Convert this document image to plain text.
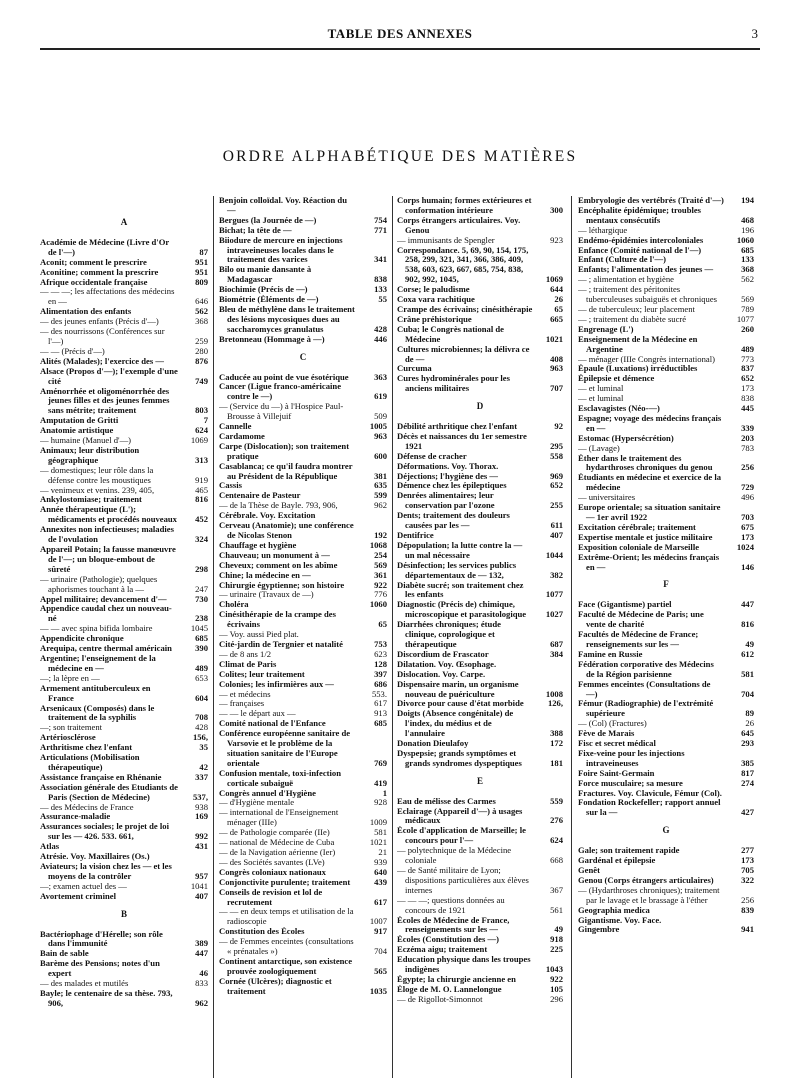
TABLE DES ANNEXES	3
ORDRE ALPHABÉTIQUE DES MATIÈRES
A
Académie de Médecine (Livre d'Or de l'—)	87
Aconit; comment le prescrire	951
Aconitine; comment la prescrire	951
Afrique occidentale française	809
— — —; les affectations des médecins en —	646
Alimentation des enfants	562
— des jeunes enfants (Précis d'—)	368
— des nourrissons (Conférences sur l'—)	259
— — (Précis d'—)	280
Alités (Malades); l'exercice des —	876
Alsace (Propos d'—); l'exemple d'une cité	749
Aménorrhée et oligoménorrhée des jeunes filles et des jeunes femmes sans métrite; traitement	803
Amputation de Gritti	7
Anatomie artistique	624
— humaine (Manuel d'—)	1069
Animaux; leur distribution géographique	313
— domestiques; leur rôle dans la défense contre les moustiques	919
— venimeux et venins. 239, 405,	465
Ankylostomiase; traitement	816
Année thérapeutique (L'); médicaments et procédés nouveaux 452
Annexites non infectieuses; maladies de l'ovulation	324
Appareil Potain; la fausse manœuvre de l'—; un bloque-embout de sûreté	298
— urinaire (Pathologie); quelques aphorismes touchant à la —	247
Appel militaire; devancement d'—	730
Appendice caudal chez un nouveau-né	238
— — avec spina bifida lombaire	1045
Appendicite chronique	685
Arequipa, centre thermal américain	390
Argentine; l'enseignement de la médecine en —	489
—; la lèpre en —	653
Armement antituberculeux en France	604
Arsenicaux (Composés) dans le traitement de la syphilis	708
—; son traitement	428
Artériosclérose	156,
Arthritisme chez l'enfant	35
Articulations (Mobilisation thérapeutique)	42
Assistance française en Rhénanie	337
Association générale des Etudiants de Paris (Section de Médecine)	537,
— des Médecins de France	938
Assurance-maladie	169
Assurances sociales; le projet de loi sur les — 426. 533. 661,	992
Atlas	431
Atrésie. Voy. Maxillaires (Os.)
Aviateurs; la vision chez les — et les moyens de la contrôler	957
—; examen actuel des —	1041
Avortement criminel	407
B
Bactériophage d'Hérelle; son rôle dans l'immunité	389
Bain de sable	447
Barème des Pensions; notes d'un expert	46
— des malades et mutilés	833
Bayle; le centenaire de sa thèse. 793, 906,	962
Benjoin colloïdal. Voy. Réaction du —
Bergues (la Journée de —)	754
Bichat; la tête de —	771
Biiodure de mercure en injections intraveineuses locales dans le traitement des varices	341
Bilo ou manie dansante à Madagascar	838
Biochimie (Précis de —)	133
Biométrie (Éléments de —)	55
Bleu de méthylène dans le traitement des lésions mycosiques dues au saccharomyces granulatus	428
Bretonneau (Hommage à —)	446
C
Caducée au point de vue ésotérique	363
Cancer (Ligue franco-américaine contre le —)	619
— (Service du —) à l'Hospice Paul-Brousse à Villejuif	509
Cannelle	1005
Cardamome	963
Carpe (Dislocation); son traitement pratique	600
Casablanca; ce qu'il faudra montrer au Président de la République	381
Cassis	635
Centenaire de Pasteur	599
— de la Thèse de Bayle. 793, 906,	962
Cérébrale. Voy. Excitation
Cerveau (Anatomie); une conférence de Nicolas Stenon	192
Chauffage et hygiène	1068
Chauveau; un monument à —	254
Cheveux; comment on les abîme	569
Chine; la médecine en —	361
Chirurgie égyptienne; son histoire	922
— urinaire (Travaux de —)	776
Choléra	1060
Cinésithérapie de la crampe des écrivains	65
— Voy. aussi Pied plat.
Cité-jardin de Tergnier et natalité	753
— de 8 ans 1/2	623
Climat de Paris	128
Colites; leur traitement	397
Colonies; les infirmières aux —	686
— et médecins	553.
— françaises	617
— — le départ aux —	913
Comité national de l'Enfance	685
Conférence européenne sanitaire de Varsovie et le problème de la situation sanitaire de l'Europe orientale	769
Confusion mentale, toxi-infection corticale subaiguë	419
Congrès annuel d'Hygiène	1
— d'Hygiène mentale	928
— international de l'Enseignement ménager (IIIe)	1009
— de Pathologie comparée (IIe)	581
— national de Médecine de Cuba	1021
— de la Navigation aérienne (Ier)	21
— des Sociétés savantes (LVe)	939
Congrès coloniaux nationaux	640
Conjonctivite purulente; traitement	439
Conseils de revision et lol de recrutement	617
— — en deux temps et utilisation de la radioscopie	1007
Constitution des Écoles	917
— de Femmes enceintes (consultations « prénatales »)	704
Continent antarctique, son existence prouvée zoologiquement	565
Cornée (Ulcères); diagnostic et traitement	1035
Corps humain; formes extérieures et conformation intérieure	300
Corps étrangers articulaires. Voy. Genou
— immunisants de Spengler	923
Correspondance. 5, 69, 90, 154, 175, 258, 299, 321, 341, 366, 386, 409, 538, 603, 623, 667, 685, 754, 838, 902, 992, 1045,	1069
Corse; le paludisme	644
Coxa vara rachitique	26
Crampe des écrivains; cinésithérapie	65
Crâne préhistorique	665
Cuba; le Congrès national de Médecine	1021
Cultures microbiennes; la délivra ce de —	408
Curcuma	963
Cures hydrominérales pour les anciens militaires	707
D
Débilité arthritique chez l'enfant	92
Décès et naissances du 1er semestre 1921	295
Défense de cracher	558
Déformations. Voy. Thorax.
Déjections; l'hygiène des —	969
Démence chez les épileptiques	652
Denrées alimentaires; leur conservation par l'ozone	255
Dents; traitement des douleurs causées par les —	611
Dentifrice	407
Dépopulation; la lutte contre la — un mal nécessaire	1044
Désinfection; les services publics départementaux de — 132,	382
Diabète sucré; son traitement chez les enfants	1077
Diagnostic (Précis de) chimique, microscopique et parasitologique 1027
Diarrhées chroniques; étude clinique, coprologique et thérapeutique	687
Discordium de Frascator	384
Dilatation. Voy. Œsophage.
Dislocation. Voy. Carpe.
Dispensaire marin, un organisme nouveau de puériculture	1008
Divorce pour cause d'état morbide	126,
Doigts (Absence congénitale) de l'index, du médius et de l'annulaire	388
Donation Dieulafoy	172
Dyspepsie; grands symptômes et grands syndromes dyspeptiques	181
E
Eau de mélisse des Carmes	559
Eclairage (Appareil d'—) à usages médicaux	276
École d'application de Marseille; le concours pour l'—	624
— polytechnique de la Médecine coloniale	668
— de Santé militaire de Lyon; dispositions particulières aux élèves internes	367
— — —; questions données au concours de 1921	561
Écoles de Médecine de France, renseignements sur les —	49
Écoles (Constitution des —)	918
Eczéma aigu; traitement	225
Education physique dans les troupes indigènes	1043
Égypte; la chirurgie ancienne en	922
Éloge de M. O. Lannelongue	105
— de Rigollot-Simonnot	296
Embryologie des vertébrés (Traité d'—) 194
Encéphalite épidémique; troubles mentaux consécutifs	468
— léthargique	196
Endémo-épidémies intercoloniales	1060
Enfance (Comité national de l'—)	685
Enfant (Culture de l'—)	133
Enfants; l'alimentation des jeunes —	368
— ; alimentation et hygiène	562
— ; traitement des péritonites tuberculeuses subaiguës et chroniques	569
— de tuberculeux; leur placement	789
— ; traitement du diabète sucré	1077
Engrenage (L')	260
Enseignement de la Médecine en Argentine	489
— ménager (IIIe Congrès international)	773
Épaule (Luxations) irréductibles	837
Épilepsie et démence	652
— et luminal	173
— et luminal	838
Esclavagistes (Néo-—)	445
Espagne; voyage des médecins français en —	339
Estomac (Hypersécrétion)	203
— (Lavage)	783
Éther dans le traitement des hydarthroses chroniques du genou	256
Étudiants en médecine et exercice de la médecine	729
— universitaires	496
Europe orientale; sa situation sanitaire — 1er avril 1922	703
Excitation cérébrale; traitement	675
Expertise mentale et justice militaire	173
Exposition coloniale de Marseille	1024
Extrême-Orient; les médecins français en —	146
F
Face (Gigantisme) partiel	447
Faculté de Médecine de Paris; une vente de charité	816
Facultés de Médecine de France; renseignements sur les —	49
Famine en Russie	612
Fédération corporative des Médecins de la Région parisienne	581
Femmes enceintes (Consultations de —)	704
Fémur (Radiographie) de l'extrémité supérieure	89
— (Col) (Fractures)	26
Fève de Marais	645
Fisc et secret médical	293
Fixe-veine pour les injections intraveineuses	385
Foire Saint-Germain	817
Force musculaire; sa mesure	274
Fractures. Voy. Clavicule, Fémur (Col).
Fondation Rockefeller; rapport annuel sur la —	427
G
Gale; son traitement rapide	277
Gardénal et épilepsie	173
Genêt	705
Genou (Corps étrangers articulaires)	322
— (Hydarthroses chroniques); traitement par le lavage et le brassage à l'éther	256
Geographia medica	839
Gigantisme. Voy. Face.
Gingembre	941
